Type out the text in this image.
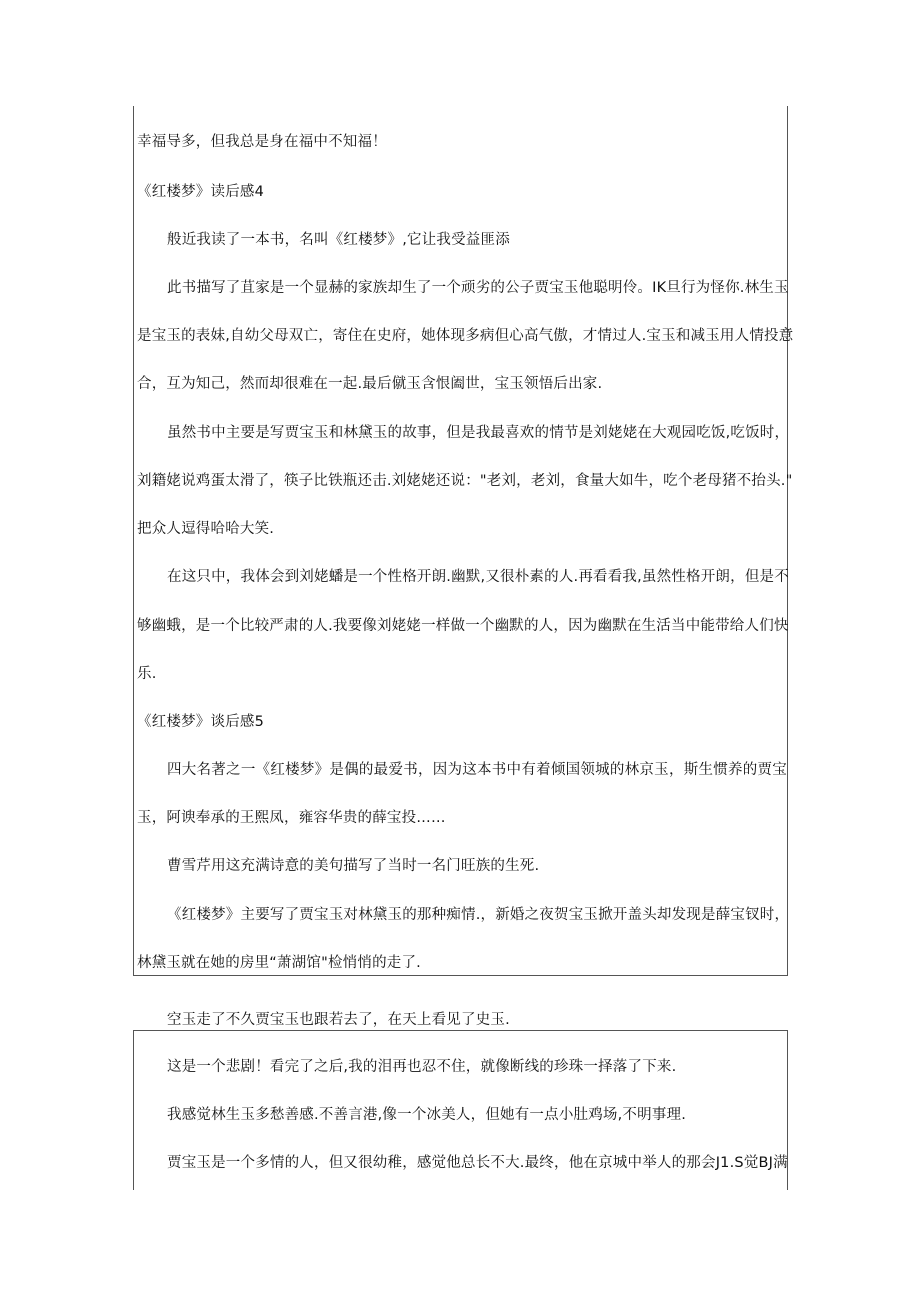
幸福导多，但我总是身在福中不知福！
《红楼梦》读后感4
般近我读了一本书，名叫《红楼梦》,它让我受益匪添
此书描写了苴家是一个显赫的家族却生了一个顽劣的公子贾宝玉他聪明伶。IK旦行为怪你.林生玉
是宝玉的表妹,自幼父母双亡，寄住在史府，她体现多病但心高气傲，才情过人.宝玉和减玉用人情投意
合，互为知己，然而却很难在一起.最后僦玉含恨阖世，宝玉领悟后出家.
虽然书中主要是写贾宝玉和林黛玉的故事，但是我最喜欢的情节是刘姥姥在大观园吃饭,吃饭时，
刘籍姥说鸡蛋太滑了，筷子比铁瓶还击.刘姥姥还说："老刘，老刘，食量大如牛，吃个老母猪不抬头."
把众人逗得哈哈大笑.
在这只中，我体会到刘姥蟠是一个性格开朗.幽默,又很朴素的人.再看看我,虽然性格开朗，但是不
够幽蛾，是一个比较严肃的人.我要像刘姥姥一样做一个幽默的人，因为幽默在生活当中能带给人们快
乐.
《红楼梦》谈后感5
四大名著之一《红楼梦》是偶的最爱书，因为这本书中有着倾国领城的林京玉，斯生惯养的贾宝
玉，阿谀奉承的王熙凤，雍容华贵的薛宝投……
曹雪芹用这充满诗意的美句描写了当时一名门旺族的生死.
《红楼梦》主要写了贾宝玉对林黛玉的那种痴情.，新婚之夜贺宝玉掀开盖头却发现是薛宝钗时，
林黛玉就在她的房里“萧湖馆"检悄悄的走了.
空玉走了不久贾宝玉也跟若去了，在天上看见了史玉.
这是一个悲剧！看完了之后,我的泪再也忍不住，就像断线的珍珠一择落了下来.
我感觉林生玉多愁善感.不善言港,像一个冰美人，但她有一点小肚鸡场,不明事理.
贾宝玉是一个多情的人，但又很幼稚，感觉他总长不大.最终，他在京城中举人的那会J1.S觉BJ满
